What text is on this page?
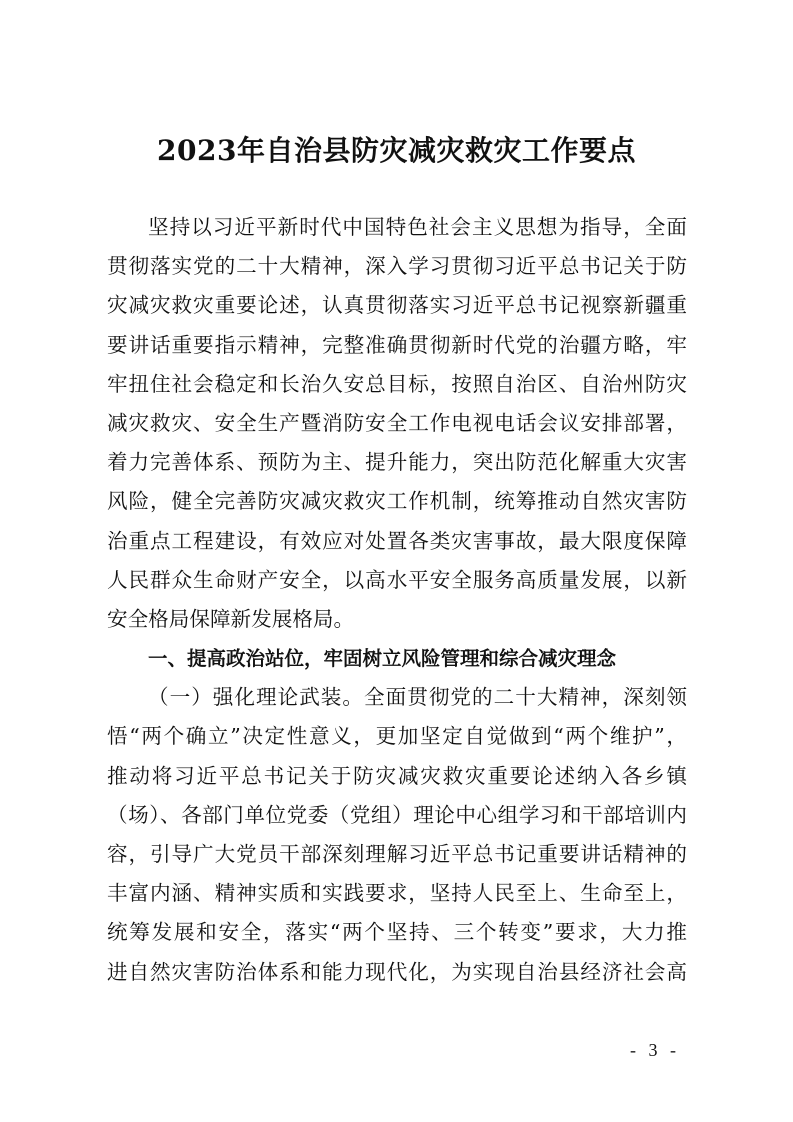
2023年自治县防灾减灾救灾工作要点
坚持以习近平新时代中国特色社会主义思想为指导，全面
贯彻落实党的二十大精神，深入学习贯彻习近平总书记关于防
灾减灾救灾重要论述，认真贯彻落实习近平总书记视察新疆重
要讲话重要指示精神，完整准确贯彻新时代党的治疆方略，牢
牢扭住社会稳定和长治久安总目标，按照自治区、自治州防灾
减灾救灾、安全生产暨消防安全工作电视电话会议安排部署，
着力完善体系、预防为主、提升能力，突出防范化解重大灾害
风险，健全完善防灾减灾救灾工作机制，统筹推动自然灾害防
治重点工程建设，有效应对处置各类灾害事故，最大限度保障
人民群众生命财产安全，以高水平安全服务高质量发展，以新
安全格局保障新发展格局。
一、提高政治站位，牢固树立风险管理和综合减灾理念
（一）强化理论武装。全面贯彻党的二十大精神，深刻领
悟“两个确立”决定性意义，更加坚定自觉做到“两个维护”，
推动将习近平总书记关于防灾减灾救灾重要论述纳入各乡镇
（场）、各部门单位党委（党组）理论中心组学习和干部培训内
容，引导广大党员干部深刻理解习近平总书记重要讲话精神的
丰富内涵、精神实质和实践要求，坚持人民至上、生命至上，
统筹发展和安全，落实“两个坚持、三个转变”要求，大力推
进自然灾害防治体系和能力现代化，为实现自治县经济社会高
- 3 -
